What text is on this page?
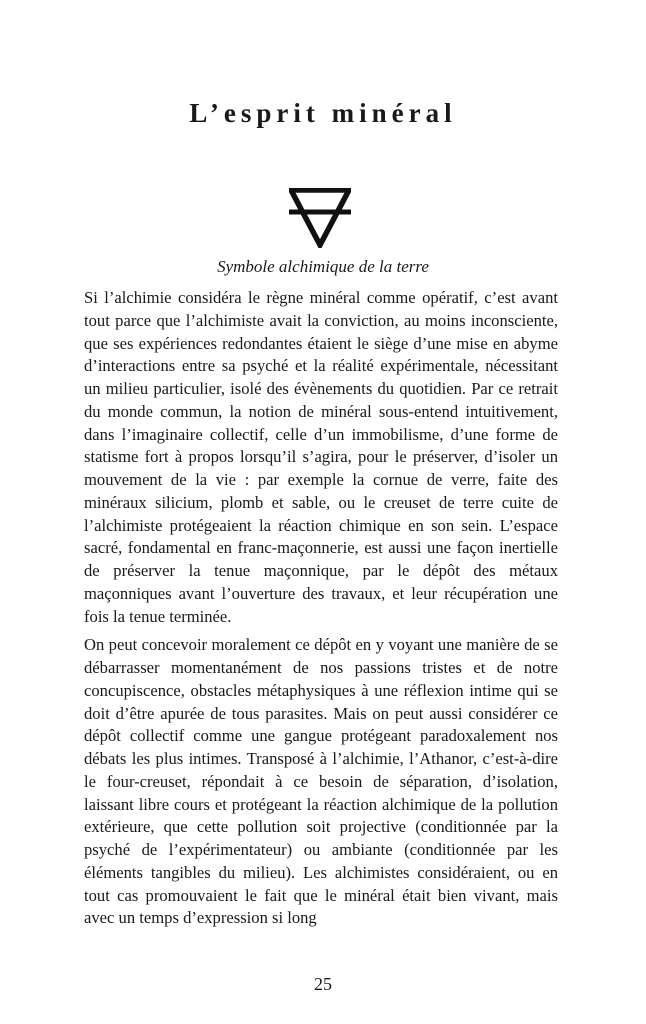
L’esprit minéral
Symbole alchimique de la terre

Si l’alchimie considéra le règne minéral comme opératif, c’est avant tout parce que l’alchimiste avait la conviction, au moins inconsciente, que ses expériences redondantes étaient le siège d’une mise en abyme d’interactions entre sa psyché et la réalité expérimentale, nécessitant un milieu particulier, isolé des évènements du quotidien. Par ce retrait du monde commun, la notion de minéral sous-entend intuitivement, dans l’imaginaire collectif, celle d’un immobilisme, d’une forme de statisme fort à propos lorsqu’il s’agira, pour le préserver, d’isoler un mouvement de la vie : par exemple la cornue de verre, faite des minéraux silicium, plomb et sable, ou le creuset de terre cuite de l’alchimiste protégeaient la réaction chimique en son sein. L’espace sacré, fondamental en franc-maçonnerie, est aussi une façon inertielle de préserver la tenue maçonnique, par le dépôt des métaux maçonniques avant l’ouverture des travaux, et leur récupération une fois la tenue terminée.

On peut concevoir moralement ce dépôt en y voyant une manière de se débarrasser momentanément de nos passions tristes et de notre concupiscence, obstacles métaphysiques à une réflexion intime qui se doit d’être apurée de tous parasites. Mais on peut aussi considérer ce dépôt collectif comme une gangue protégeant paradoxalement nos débats les plus intimes. Transposé à l’alchimie, l’Athanor, c’est-à-dire le four-creuset, répondait à ce besoin de séparation, d’isolation, laissant libre cours et protégeant la réaction alchimique de la pollution extérieure, que cette pollution soit projective (conditionnée par la psyché de l’expérimentateur) ou ambiante (conditionnée par les éléments tangibles du milieu). Les alchimistes considéraient, ou en tout cas promouvaient le fait que le minéral était bien vivant, mais avec un temps d’expression si long

25
